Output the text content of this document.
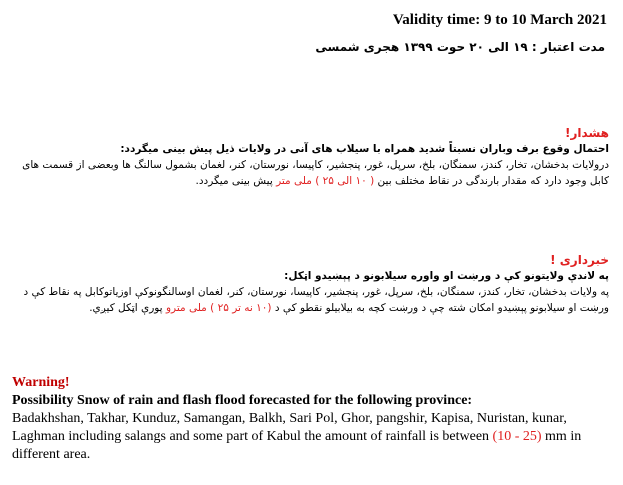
Validity time: 9 to 10 March 2021
مدت اعتبار : ۱۹ الی ۲۰ حوت ۱۳۹۹ هجری شمسی
هشدار!
احتمال وقوع برف وباران نسبتاً شدید همراه با سیلاب های آنی در ولایات ذیل پیش بینی میگردد:
درولایات بدخشان، تخار، کندز، سمنگان، بلخ، سرپل، غور، پنجشیر، کاپیسا، نورستان، کنر، لغمان بشمول سالنگ ها وبعضی از قسمت های کابل وجود دارد که مقدار بارندگی در نقاط مختلف بین ( ۱۰ الی ۲۵ ) ملی متر پیش بینی میگردد.
خبرداری !
په لاندې ولایتونو کې د ورښت او واوره سیلابونو د پېښیدو اټکل:
په ولایات بدخشان، تخار، کندز، سمنگان، بلخ، سرپل، غور، پنجشیر، کاپیسا، نورستان، کنر، لغمان اوسالنگونوکې اوزیاتوکابل په نقاط کې د ورښت او سیلابونو پېښیدو امکان شته چې د ورښت کچه به بیلابیلو نقطو کې د (۱۰ نه تر ۲۵ ) ملی مترو پورې اټکل کیږي.
Warning!
Possibility Snow of rain and flash flood forecasted for the following province:
Badakhshan, Takhar, Kunduz, Samangan, Balkh, Sari Pol, Ghor, pangshir, Kapisa, Nuristan, kunar, Laghman including salangs and some part of Kabul the amount of rainfall is between (10 - 25) mm in different area.
